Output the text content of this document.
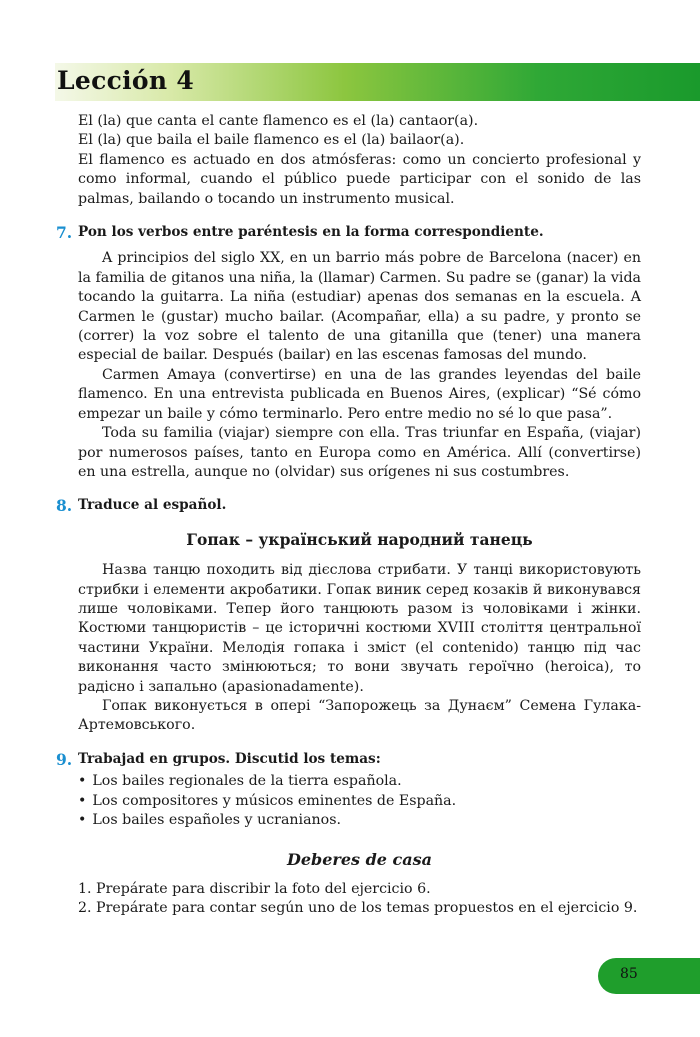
Lección 4

El (la) que canta el cante flamenco es el (la) cantaor(a).

El (la) que baila el baile flamenco es el (la) bailaor(a).

El flamenco es actuado en dos atmósferas: como un concierto profesional y como informal, cuando el público puede participar con el sonido de las palmas, bailando o tocando un instrumento musical.

7. Pon los verbos entre paréntesis en la forma correspondiente.

A principios del siglo XX, en un barrio más pobre de Barcelona (nacer) en la familia de gitanos una niña, la (llamar) Carmen. Su padre se (ganar) la vida tocando la guitarra. La niña (estudiar) apenas dos semanas en la escuela. A Carmen le (gustar) mucho bailar. (Acompañar, ella) a su padre, y pronto se (correr) la voz sobre el talento de una gitanilla que (tener) una manera especial de bailar. Después (bailar) en las escenas famosas del mundo.

Carmen Amaya (convertirse) en una de las grandes leyendas del baile flamenco. En una entrevista publicada en Buenos Aires, (explicar) “Sé cómo empezar un baile y cómo terminarlo. Pero entre medio no sé lo que pasa”.

Toda su familia (viajar) siempre con ella. Tras triunfar en España, (viajar) por numerosos países, tanto en Europa como en América. Allí (convertirse) en una estrella, aunque no (olvidar) sus orígenes ni sus costumbres.

8. Traduce al español.

Гопак – український народний танець

Назва танцю походить від дієслова стрибати. У танці використовують стрибки і елементи акробатики. Гопак виник серед козаків й виконувався лише чоловіками. Тепер його танцюють разом із чоловіками і жінки. Костюми танцюристів – це історичні костюми XVIII століття центральної частини України. Мелодія гопака і зміст (el contenido) танцю під час виконання часто змінюються; то вони звучать героїчно (heroica), то радісно і запально (apasionadamente).

Гопак виконується в опері “Запорожець за Дунаєм” Семена Гулака-Артемовського.

9. Trabajad en grupos. Discutid los temas:
• Los bailes regionales de la tierra española.
• Los compositores y músicos eminentes de España.
• Los bailes españoles y ucranianos.

Deberes de casa

1. Prepárate para discribir la foto del ejercicio 6.

2. Prepárate para contar según uno de los temas propuestos en el ejercicio 9.

85
